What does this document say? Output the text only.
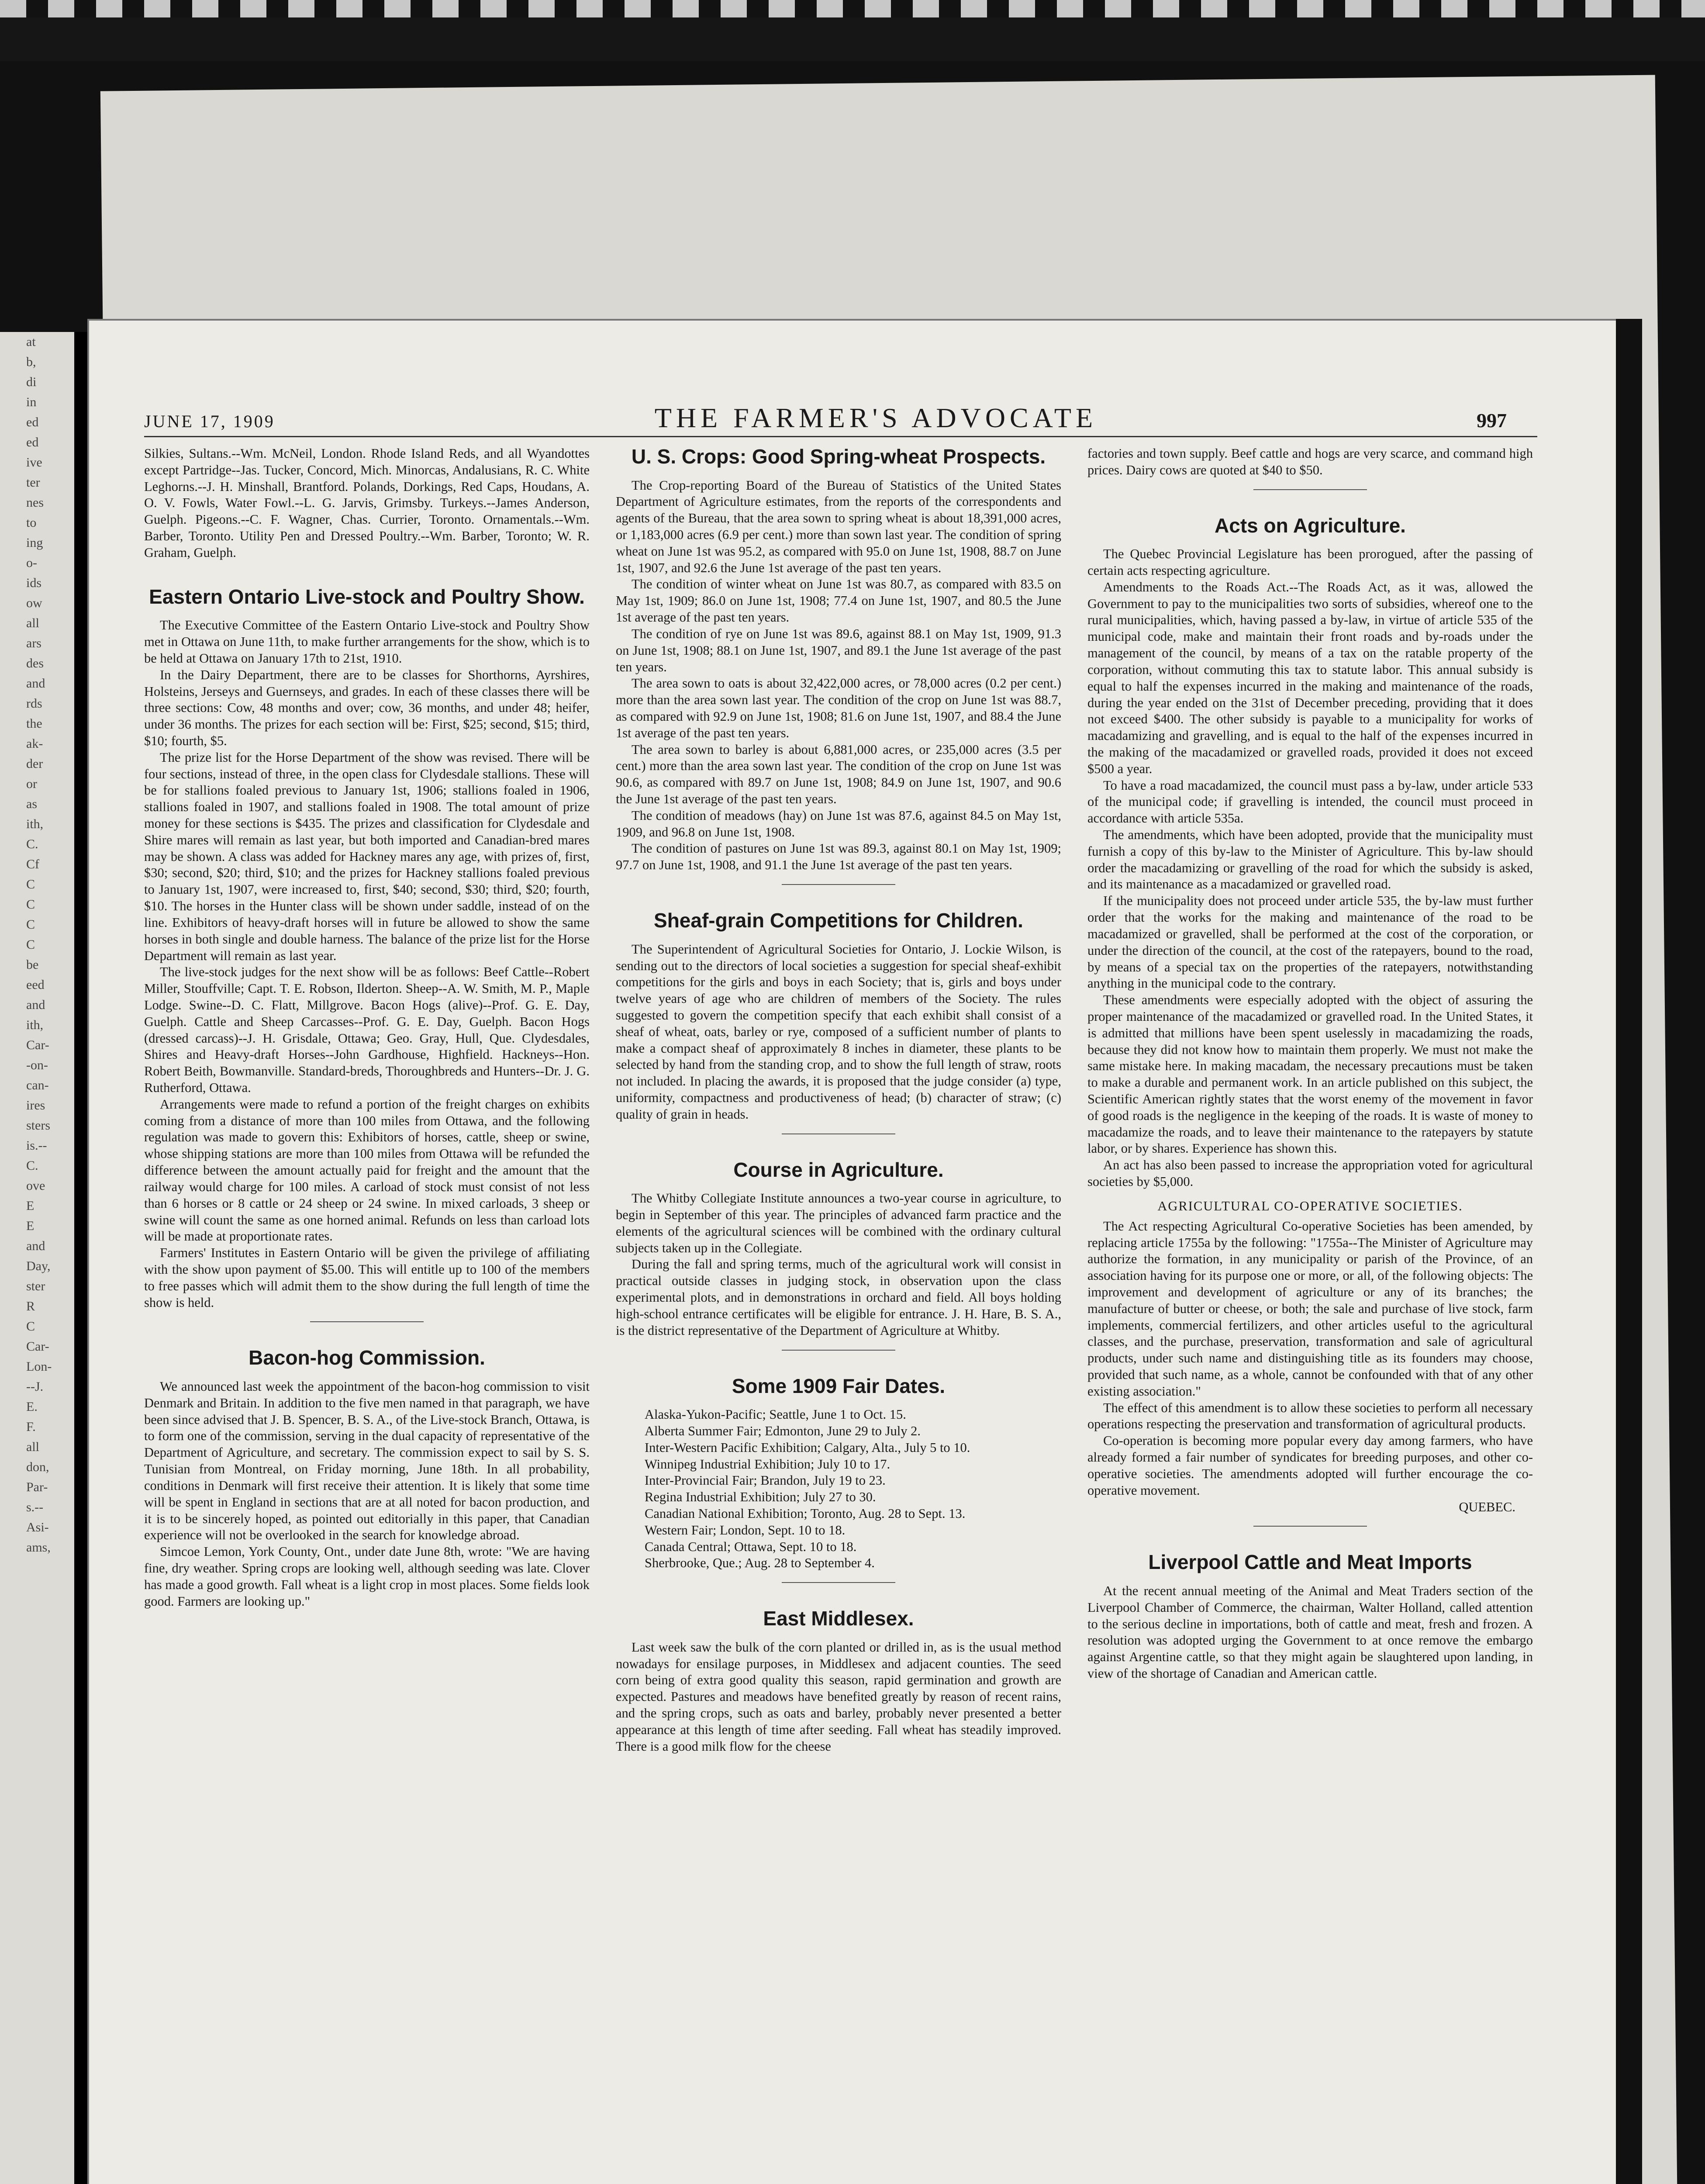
at
b,
di
in
ed
ed
ive
ter
nes
to
ing
o-
ids
ow
all
ars
des
and
rds
the
ak-
der
or
as
ith,
C.
Cf
C
C
C
C
be
eed
and
ith,
Car-
-on-
can-
ires
sters
is.--
C.
ove
E
E
and
Day,
ster
R
C
Car-
Lon-
--J.
E.
F.
all
don,
Par-
s.--
Asi-
ams,
JUNE 17, 1909	THE FARMER'S ADVOCATE	997

Silkies, Sultans.--Wm. McNeil, London. Rhode Island Reds, and all Wyandottes except Partridge--Jas. Tucker, Concord, Mich. Minorcas, Andalusians, R. C. White Leghorns.--J. H. Minshall, Brantford. Polands, Dorkings, Red Caps, Houdans, A. O. V. Fowls, Water Fowl.--L. G. Jarvis, Grimsby. Turkeys.--James Anderson, Guelph. Pigeons.--C. F. Wagner, Chas. Currier, Toronto. Ornamentals.--Wm. Barber, Toronto. Utility Pen and Dressed Poultry.--Wm. Barber, Toronto; W. R. Graham, Guelph.

Eastern Ontario Live-stock and Poultry Show.

The Executive Committee of the Eastern Ontario Live-stock and Poultry Show met in Ottawa on June 11th, to make further arrangements for the show, which is to be held at Ottawa on January 17th to 21st, 1910.

In the Dairy Department, there are to be classes for Shorthorns, Ayrshires, Holsteins, Jerseys and Guernseys, and grades. In each of these classes there will be three sections: Cow, 48 months and over; cow, 36 months, and under 48; heifer, under 36 months. The prizes for each section will be: First, $25; second, $15; third, $10; fourth, $5.

The prize list for the Horse Department of the show was revised. There will be four sections, instead of three, in the open class for Clydesdale stallions. These will be for stallions foaled previous to January 1st, 1906; stallions foaled in 1906, stallions foaled in 1907, and stallions foaled in 1908. The total amount of prize money for these sections is $435. The prizes and classification for Clydesdale and Shire mares will remain as last year, but both imported and Canadian-bred mares may be shown. A class was added for Hackney mares any age, with prizes of, first, $30; second, $20; third, $10; and the prizes for Hackney stallions foaled previous to January 1st, 1907, were increased to, first, $40; second, $30; third, $20; fourth, $10. The horses in the Hunter class will be shown under saddle, instead of on the line. Exhibitors of heavy-draft horses will in future be allowed to show the same horses in both single and double harness. The balance of the prize list for the Horse Department will remain as last year.

The live-stock judges for the next show will be as follows: Beef Cattle--Robert Miller, Stouffville; Capt. T. E. Robson, Ilderton. Sheep--A. W. Smith, M. P., Maple Lodge. Swine--D. C. Flatt, Millgrove. Bacon Hogs (alive)--Prof. G. E. Day, Guelph. Cattle and Sheep Carcasses--Prof. G. E. Day, Guelph. Bacon Hogs (dressed carcass)--J. H. Grisdale, Ottawa; Geo. Gray, Hull, Que. Clydesdales, Shires and Heavy-draft Horses--John Gardhouse, Highfield. Hackneys--Hon. Robert Beith, Bowmanville. Standard-breds, Thoroughbreds and Hunters--Dr. J. G. Rutherford, Ottawa.

Arrangements were made to refund a portion of the freight charges on exhibits coming from a distance of more than 100 miles from Ottawa, and the following regulation was made to govern this: Exhibitors of horses, cattle, sheep or swine, whose shipping stations are more than 100 miles from Ottawa will be refunded the difference between the amount actually paid for freight and the amount that the railway would charge for 100 miles. A carload of stock must consist of not less than 6 horses or 8 cattle or 24 sheep or 24 swine. In mixed carloads, 3 sheep or swine will count the same as one horned animal. Refunds on less than carload lots will be made at proportionate rates.

Farmers' Institutes in Eastern Ontario will be given the privilege of affiliating with the show upon payment of $5.00. This will entitle up to 100 of the members to free passes which will admit them to the show during the full length of time the show is held.

Bacon-hog Commission.

We announced last week the appointment of the bacon-hog commission to visit Denmark and Britain. In addition to the five men named in that paragraph, we have been since advised that J. B. Spencer, B. S. A., of the Live-stock Branch, Ottawa, is to form one of the commission, serving in the dual capacity of representative of the Department of Agriculture, and secretary. The commission expect to sail by S. S. Tunisian from Montreal, on Friday morning, June 18th. In all probability, conditions in Denmark will first receive their attention. It is likely that some time will be spent in England in sections that are at all noted for bacon production, and it is to be sincerely hoped, as pointed out editorially in this paper, that Canadian experience will not be overlooked in the search for knowledge abroad.

Simcoe Lemon, York County, Ont., under date June 8th, wrote: "We are having fine, dry weather. Spring crops are looking well, although seeding was late. Clover has made a good growth. Fall wheat is a light crop in most places. Some fields look good. Farmers are looking up."

U. S. Crops: Good Spring-wheat Prospects.

The Crop-reporting Board of the Bureau of Statistics of the United States Department of Agriculture estimates, from the reports of the correspondents and agents of the Bureau, that the area sown to spring wheat is about 18,391,000 acres, or 1,183,000 acres (6.9 per cent.) more than sown last year. The condition of spring wheat on June 1st was 95.2, as compared with 95.0 on June 1st, 1908, 88.7 on June 1st, 1907, and 92.6 the June 1st average of the past ten years.

The condition of winter wheat on June 1st was 80.7, as compared with 83.5 on May 1st, 1909; 86.0 on June 1st, 1908; 77.4 on June 1st, 1907, and 80.5 the June 1st average of the past ten years.

The condition of rye on June 1st was 89.6, against 88.1 on May 1st, 1909, 91.3 on June 1st, 1908; 88.1 on June 1st, 1907, and 89.1 the June 1st average of the past ten years.

The area sown to oats is about 32,422,000 acres, or 78,000 acres (0.2 per cent.) more than the area sown last year. The condition of the crop on June 1st was 88.7, as compared with 92.9 on June 1st, 1908; 81.6 on June 1st, 1907, and 88.4 the June 1st average of the past ten years.

The area sown to barley is about 6,881,000 acres, or 235,000 acres (3.5 per cent.) more than the area sown last year. The condition of the crop on June 1st was 90.6, as compared with 89.7 on June 1st, 1908; 84.9 on June 1st, 1907, and 90.6 the June 1st average of the past ten years.

The condition of meadows (hay) on June 1st was 87.6, against 84.5 on May 1st, 1909, and 96.8 on June 1st, 1908.

The condition of pastures on June 1st was 89.3, against 80.1 on May 1st, 1909; 97.7 on June 1st, 1908, and 91.1 the June 1st average of the past ten years.

Sheaf-grain Competitions for Children.

The Superintendent of Agricultural Societies for Ontario, J. Lockie Wilson, is sending out to the directors of local societies a suggestion for special sheaf-exhibit competitions for the girls and boys in each Society; that is, girls and boys under twelve years of age who are children of members of the Society. The rules suggested to govern the competition specify that each exhibit shall consist of a sheaf of wheat, oats, barley or rye, composed of a sufficient number of plants to make a compact sheaf of approximately 8 inches in diameter, these plants to be selected by hand from the standing crop, and to show the full length of straw, roots not included. In placing the awards, it is proposed that the judge consider (a) type, uniformity, compactness and productiveness of head; (b) character of straw; (c) quality of grain in heads.

Course in Agriculture.

The Whitby Collegiate Institute announces a two-year course in agriculture, to begin in September of this year. The principles of advanced farm practice and the elements of the agricultural sciences will be combined with the ordinary cultural subjects taken up in the Collegiate.

During the fall and spring terms, much of the agricultural work will consist in practical outside classes in judging stock, in observation upon the class experimental plots, and in demonstrations in orchard and field. All boys holding high-school entrance certificates will be eligible for entrance. J. H. Hare, B. S. A., is the district representative of the Department of Agriculture at Whitby.

Some 1909 Fair Dates.

Alaska-Yukon-Pacific; Seattle, June 1 to Oct. 15.

Alberta Summer Fair; Edmonton, June 29 to July 2.

Inter-Western Pacific Exhibition; Calgary, Alta., July 5 to 10.

Winnipeg Industrial Exhibition; July 10 to 17.

Inter-Provincial Fair; Brandon, July 19 to 23.

Regina Industrial Exhibition; July 27 to 30.

Canadian National Exhibition; Toronto, Aug. 28 to Sept. 13.

Western Fair; London, Sept. 10 to 18.

Canada Central; Ottawa, Sept. 10 to 18.

Sherbrooke, Que.; Aug. 28 to September 4.

East Middlesex.

Last week saw the bulk of the corn planted or drilled in, as is the usual method nowadays for ensilage purposes, in Middlesex and adjacent counties. The seed corn being of extra good quality this season, rapid germination and growth are expected. Pastures and meadows have benefited greatly by reason of recent rains, and the spring crops, such as oats and barley, probably never presented a better appearance at this length of time after seeding. Fall wheat has steadily improved. There is a good milk flow for the cheese

factories and town supply. Beef cattle and hogs are very scarce, and command high prices. Dairy cows are quoted at $40 to $50.

Acts on Agriculture.

The Quebec Provincial Legislature has been prorogued, after the passing of certain acts respecting agriculture.

Amendments to the Roads Act.--The Roads Act, as it was, allowed the Government to pay to the municipalities two sorts of subsidies, whereof one to the rural municipalities, which, having passed a by-law, in virtue of article 535 of the municipal code, make and maintain their front roads and by-roads under the management of the council, by means of a tax on the ratable property of the corporation, without commuting this tax to statute labor. This annual subsidy is equal to half the expenses incurred in the making and maintenance of the roads, during the year ended on the 31st of December preceding, providing that it does not exceed $400. The other subsidy is payable to a municipality for works of macadamizing and gravelling, and is equal to the half of the expenses incurred in the making of the macadamized or gravelled roads, provided it does not exceed $500 a year.

To have a road macadamized, the council must pass a by-law, under article 533 of the municipal code; if gravelling is intended, the council must proceed in accordance with article 535a.

The amendments, which have been adopted, provide that the municipality must furnish a copy of this by-law to the Minister of Agriculture. This by-law should order the macadamizing or gravelling of the road for which the subsidy is asked, and its maintenance as a macadamized or gravelled road.

If the municipality does not proceed under article 535, the by-law must further order that the works for the making and maintenance of the road to be macadamized or gravelled, shall be performed at the cost of the corporation, or under the direction of the council, at the cost of the ratepayers, bound to the road, by means of a special tax on the properties of the ratepayers, notwithstanding anything in the municipal code to the contrary.

These amendments were especially adopted with the object of assuring the proper maintenance of the macadamized or gravelled road. In the United States, it is admitted that millions have been spent uselessly in macadamizing the roads, because they did not know how to maintain them properly. We must not make the same mistake here. In making macadam, the necessary precautions must be taken to make a durable and permanent work. In an article published on this subject, the Scientific American rightly states that the worst enemy of the movement in favor of good roads is the negligence in the keeping of the roads. It is waste of money to macadamize the roads, and to leave their maintenance to the ratepayers by statute labor, or by shares. Experience has shown this.

An act has also been passed to increase the appropriation voted for agricultural societies by $5,000.

AGRICULTURAL CO-OPERATIVE SOCIETIES.

The Act respecting Agricultural Co-operative Societies has been amended, by replacing article 1755a by the following: "1755a--The Minister of Agriculture may authorize the formation, in any municipality or parish of the Province, of an association having for its purpose one or more, or all, of the following objects: The improvement and development of agriculture or any of its branches; the manufacture of butter or cheese, or both; the sale and purchase of live stock, farm implements, commercial fertilizers, and other articles useful to the agricultural classes, and the purchase, preservation, transformation and sale of agricultural products, under such name and distinguishing title as its founders may choose, provided that such name, as a whole, cannot be confounded with that of any other existing association."

The effect of this amendment is to allow these societies to perform all necessary operations respecting the preservation and transformation of agricultural products.

Co-operation is becoming more popular every day among farmers, who have already formed a fair number of syndicates for breeding purposes, and other co-operative societies. The amendments adopted will further encourage the co-operative movement.

QUEBEC.

Liverpool Cattle and Meat Imports

At the recent annual meeting of the Animal and Meat Traders section of the Liverpool Chamber of Commerce, the chairman, Walter Holland, called attention to the serious decline in importations, both of cattle and meat, fresh and frozen. A resolution was adopted urging the Government to at once remove the embargo against Argentine cattle, so that they might again be slaughtered upon landing, in view of the shortage of Canadian and American cattle.
